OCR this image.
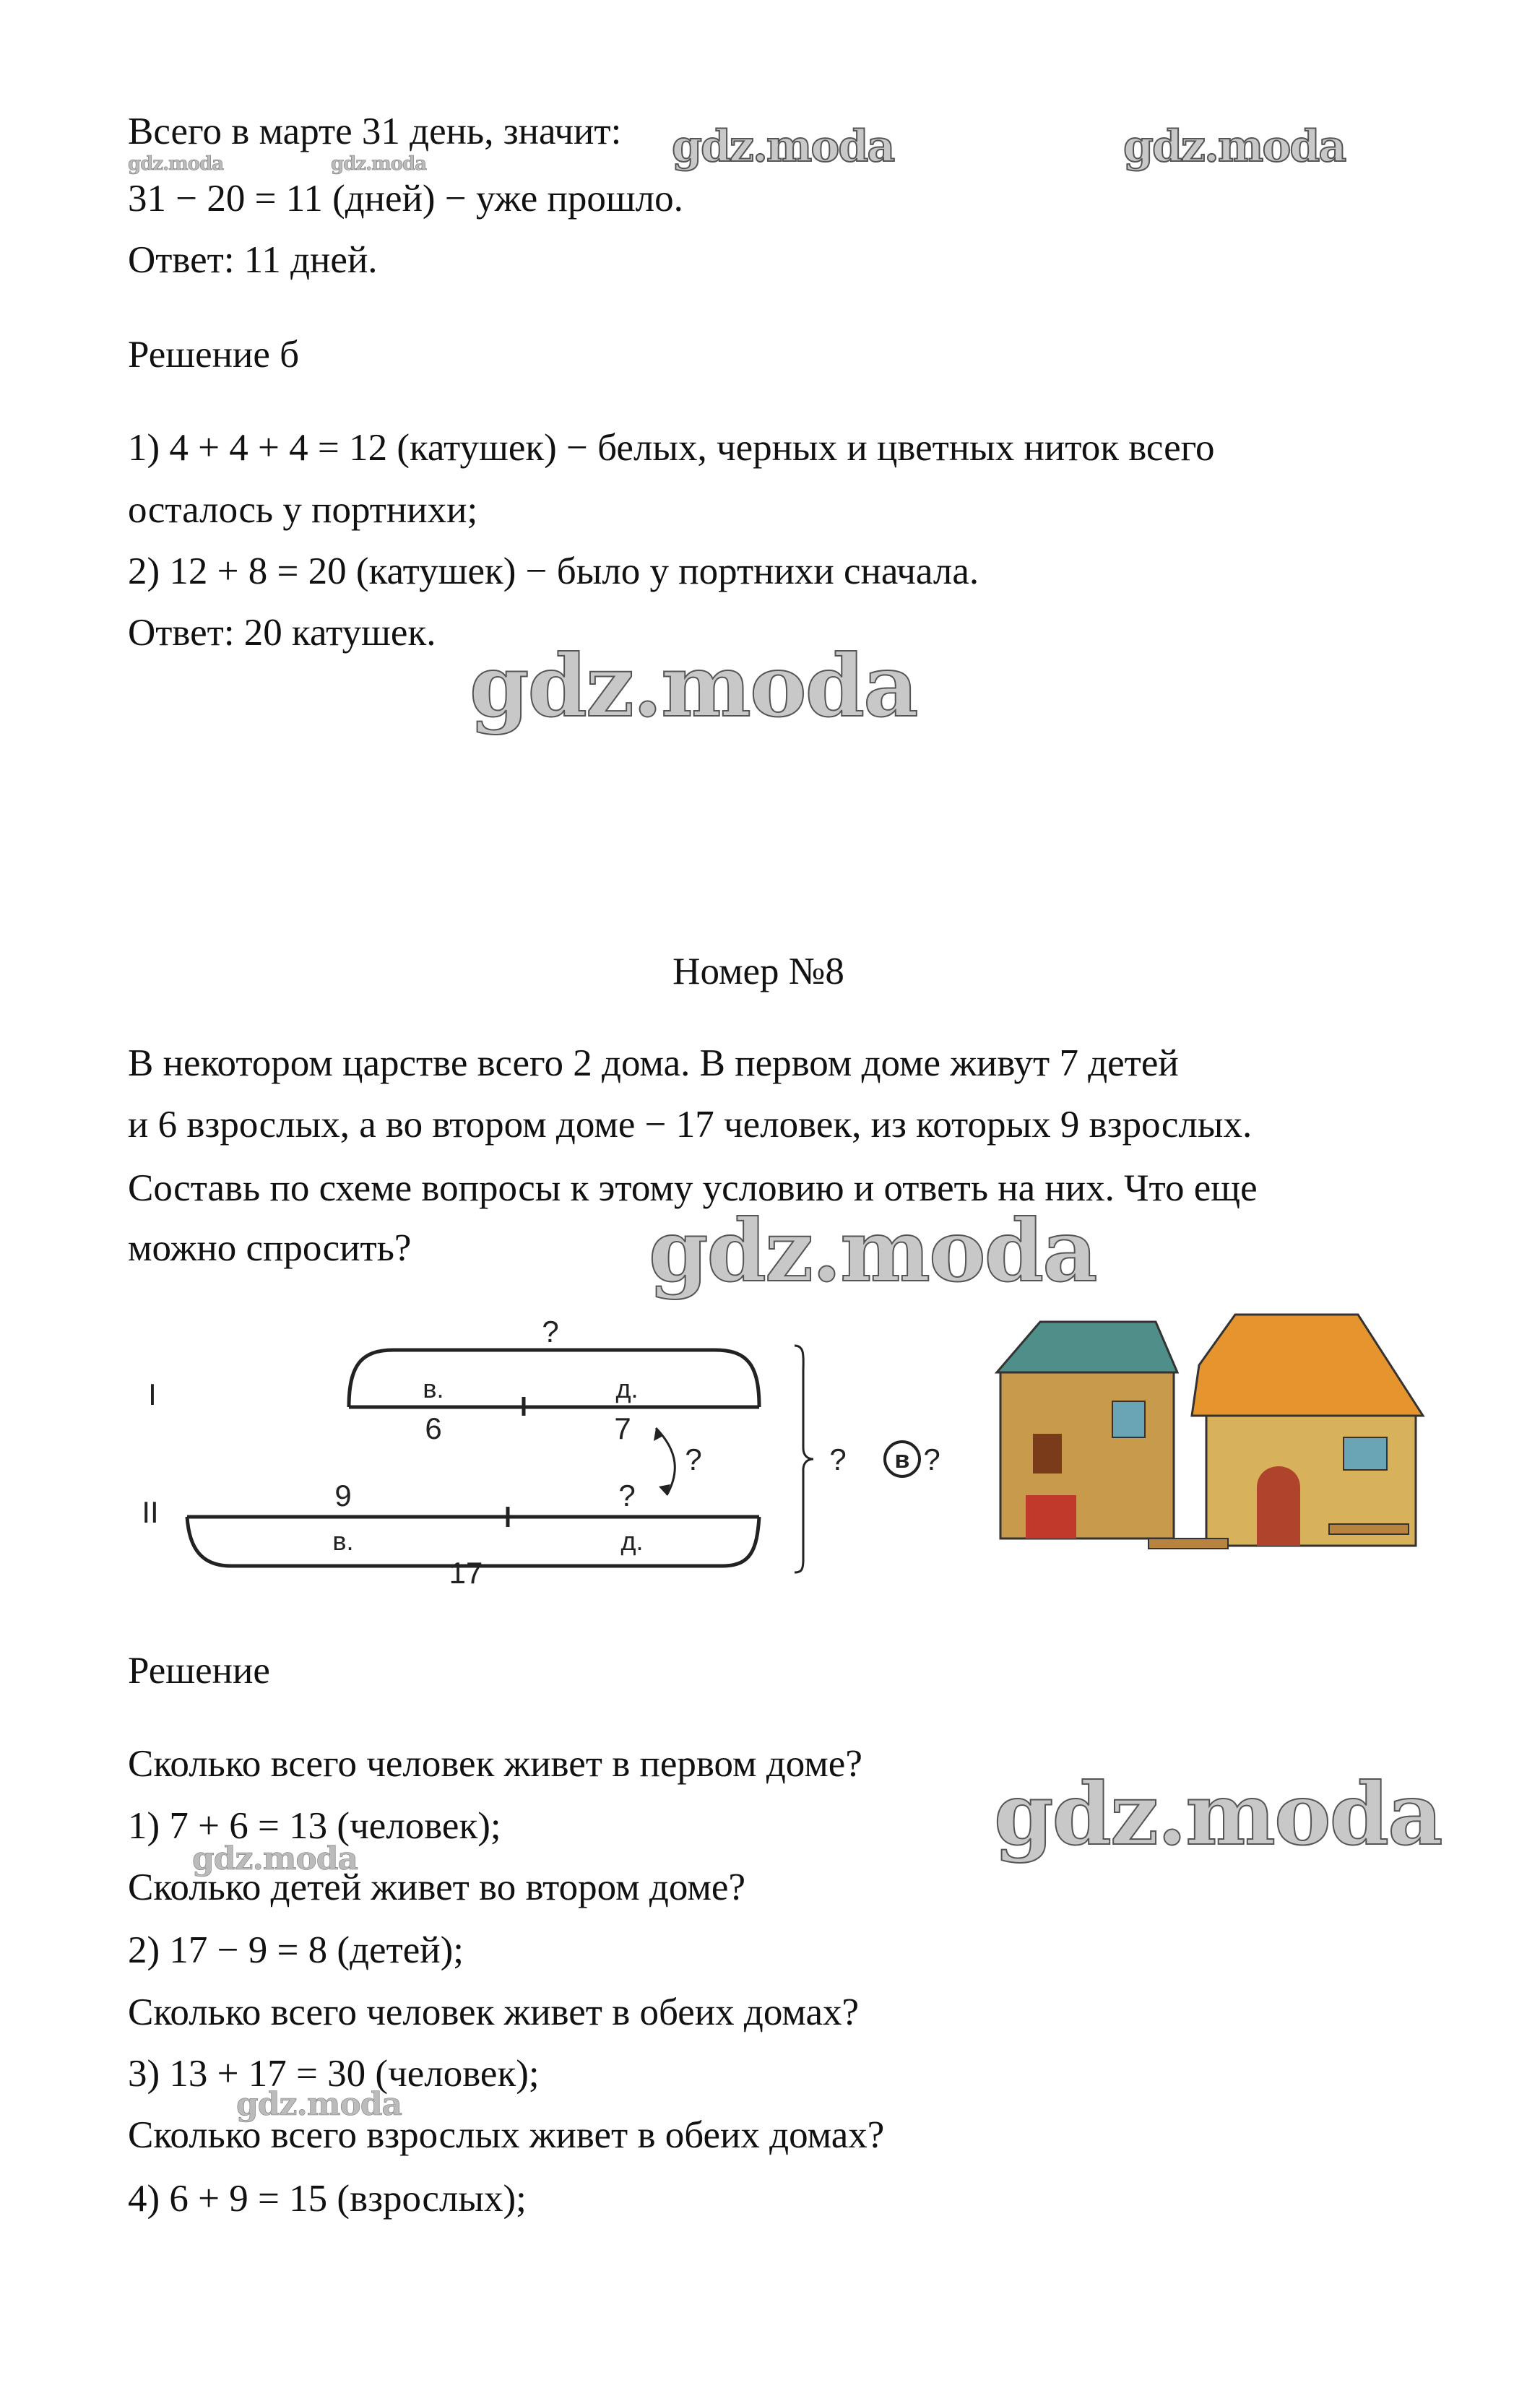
Всего в марте 31 день, значит:
31 − 20 = 11 (дней) − уже прошло.
Ответ: 11 дней.
Решение б
1) 4 + 4 + 4 = 12 (катушек) − белых, черных и цветных ниток всего
осталось у портнихи;
2) 12 + 8 = 20 (катушек) − было у портнихи сначала.
Ответ: 20 катушек.
Номер №8
В некотором царстве всего 2 дома. В первом доме живут 7 детей
и 6 взрослых, а во втором доме − 17 человек, из которых 9 взрослых.
Составь по схеме вопросы к этому условию и ответь на них. Что еще
можно спросить?
I
II
?
в.	д.
6	7
?
9	?
в.	д.
17
? в ?
Решение
Сколько всего человек живет в первом доме?
1) 7 + 6 = 13 (человек);
Сколько детей живет во втором доме?
2) 17 − 9 = 8 (детей);
Сколько всего человек живет в обеих домах?
3) 13 + 17 = 30 (человек);
Сколько всего взрослых живет в обеих домах?
4) 6 + 9 = 15 (взрослых);
gdz.moda	gdz.moda
gdz.moda	gdz.moda
gdz.moda
gdz.moda
gdz.moda
gdz.moda
gdz.moda
